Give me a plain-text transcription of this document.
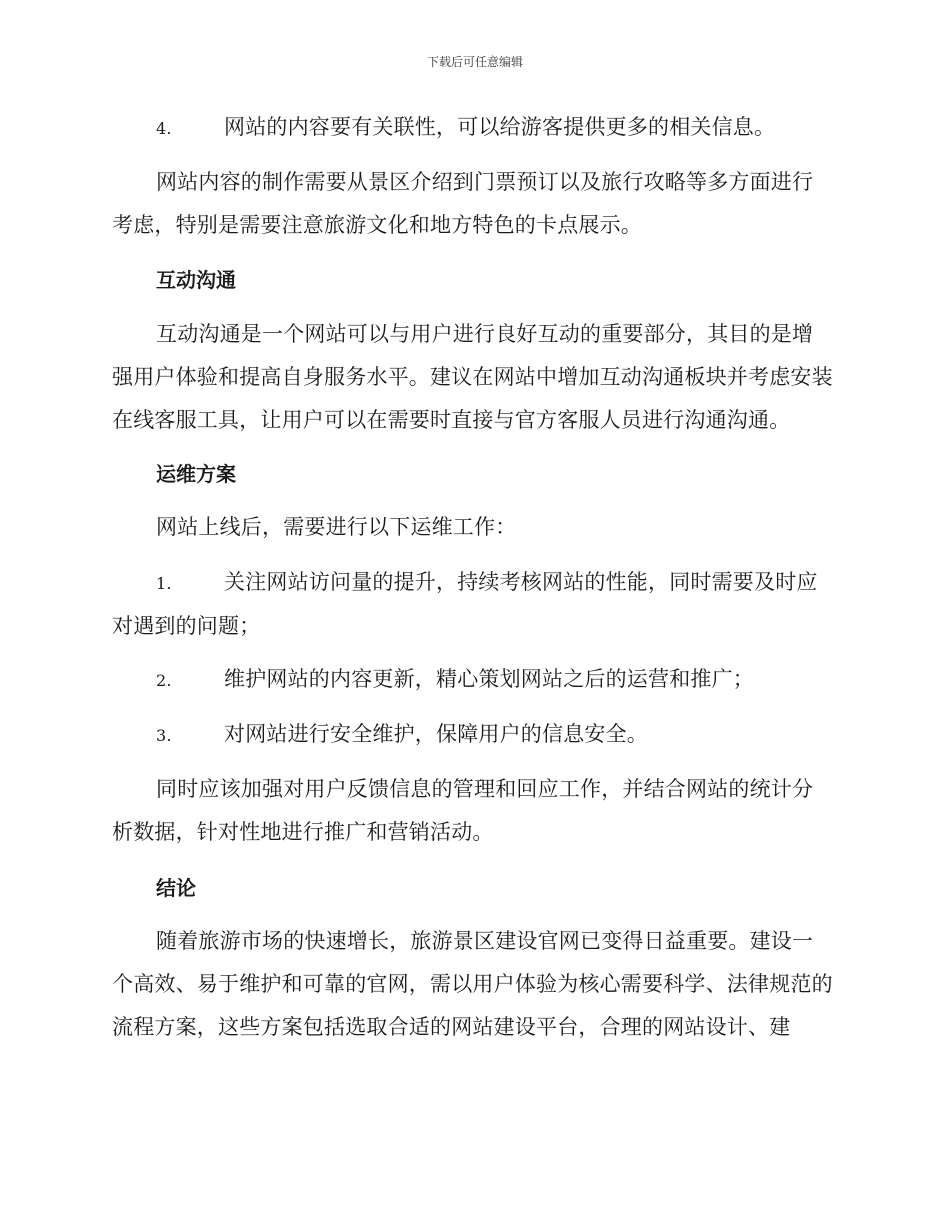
下载后可任意编辑
4. 网站的内容要有关联性，可以给游客提供更多的相关信息。
网站内容的制作需要从景区介绍到门票预订以及旅行攻略等多方面进行考虑，特别是需要注意旅游文化和地方特色的卡点展示。
互动沟通
互动沟通是一个网站可以与用户进行良好互动的重要部分，其目的是增强用户体验和提高自身服务水平。建议在网站中增加互动沟通板块并考虑安装在线客服工具，让用户可以在需要时直接与官方客服人员进行沟通沟通。
运维方案
网站上线后，需要进行以下运维工作：
1. 关注网站访问量的提升，持续考核网站的性能，同时需要及时应对遇到的问题；
2. 维护网站的内容更新，精心策划网站之后的运营和推广；
3. 对网站进行安全维护，保障用户的信息安全。
同时应该加强对用户反馈信息的管理和回应工作，并结合网站的统计分析数据，针对性地进行推广和营销活动。
结论
随着旅游市场的快速增长，旅游景区建设官网已变得日益重要。建设一个高效、易于维护和可靠的官网，需以用户体验为核心需要科学、法律规范的流程方案，这些方案包括选取合适的网站建设平台，合理的网站设计、建
